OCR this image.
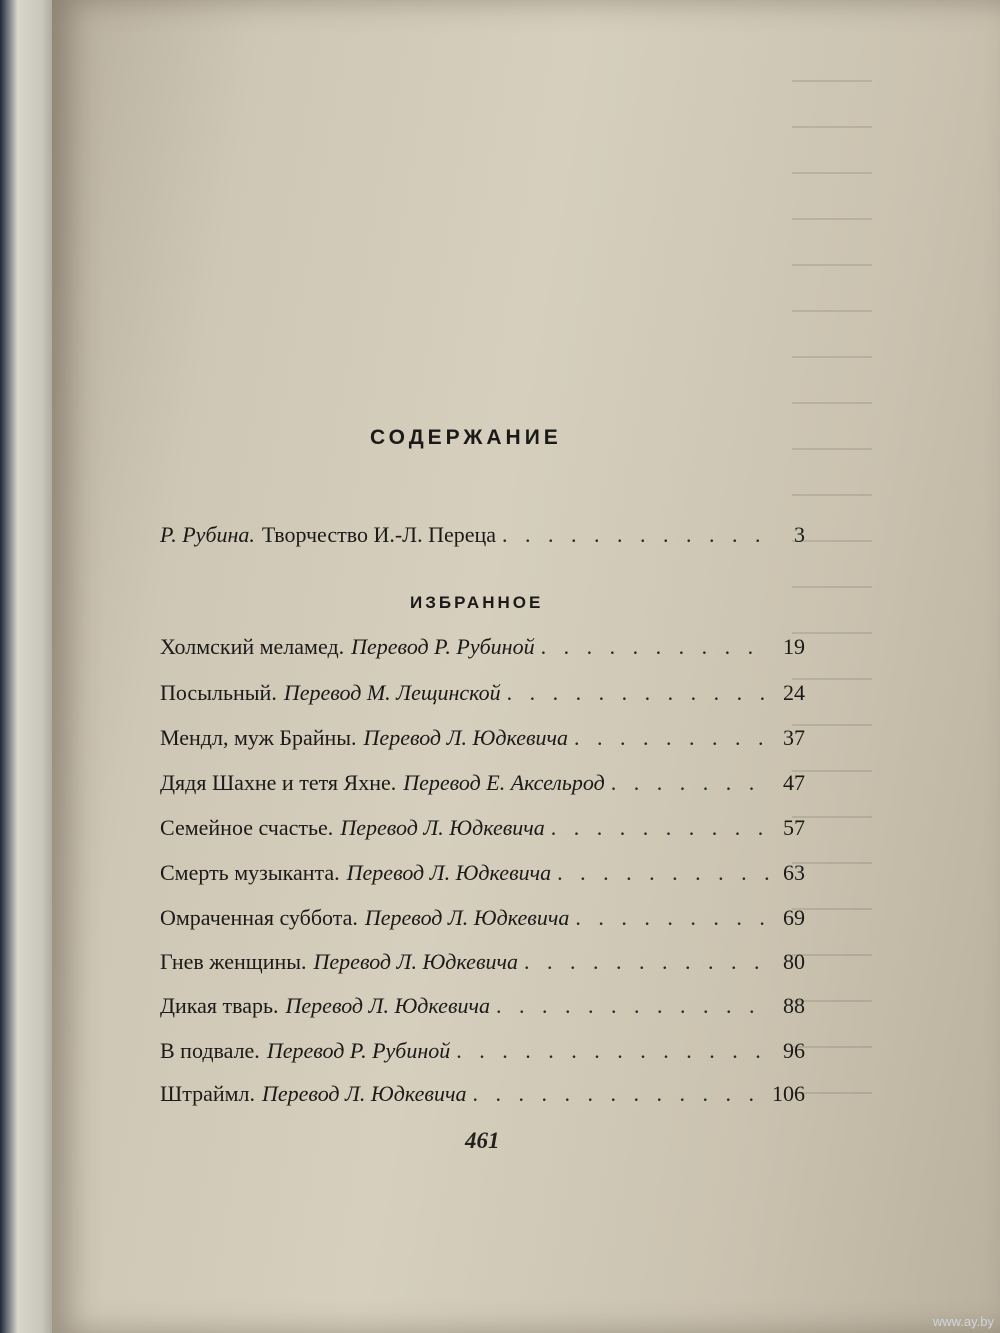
СОДЕРЖАНИЕ
Р. Рубина. Творчество И.-Л. Переца . . .	3
ИЗБРАННОЕ
Холмский меламед. Перевод Р. Рубиной . . .	19
Посыльный. Перевод М. Лещинской . . .	24
Мендл, муж Брайны. Перевод Л. Юдкевича . . .	37
Дядя Шахне и тетя Яхне. Перевод Е. Аксельрод . . .	47
Семейное счастье. Перевод Л. Юдкевича . . .	57
Смерть музыканта. Перевод Л. Юдкевича . . .	63
Омраченная суббота. Перевод Л. Юдкевича . . .	69
Гнев женщины. Перевод Л. Юдкевича . . .	80
Дикая тварь. Перевод Л. Юдкевича . . .	88
В подвале. Перевод Р. Рубиной . . .	96
Штраймл. Перевод Л. Юдкевича . . .	106
461
www.ay.by
